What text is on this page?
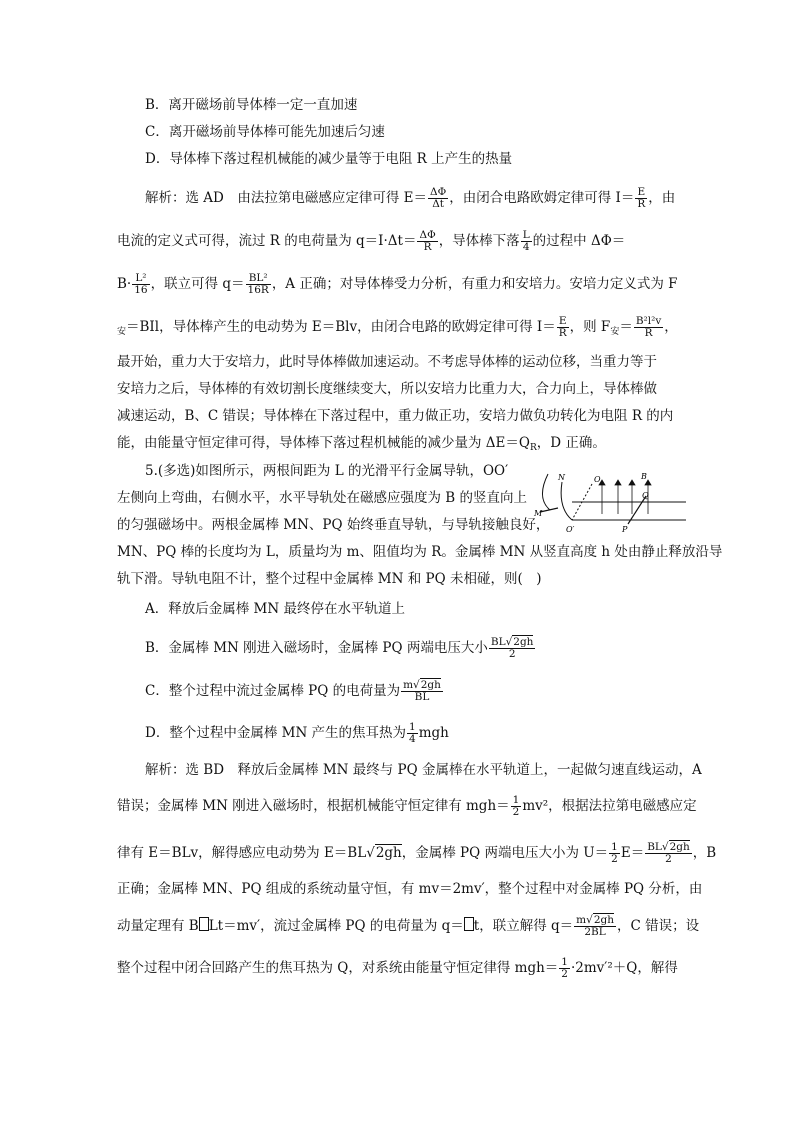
B．离开磁场前导体棒一定一直加速
C．离开磁场前导体棒可能先加速后匀速
D．导体棒下落过程机械能的减少量等于电阻 R 上产生的热量
解析：选 AD　由法拉第电磁感应定律可得 $E= \frac{\Delta\Phi}{\Delta t}$ ，由闭合电路欧姆定律可得 $I= \frac{E}{R}$ ，由
电流的定义式可得，流过 R 的电荷量为 $q=I\cdot\Delta t= \frac{\Delta\Phi}{R}$ ，导体棒下落 $\frac{L}{4}$ 的过程中 ΔΦ＝
$B\cdot \frac{\text{L²}}{16}$ ，联立可得 $q= \frac{\text{BL²}}{16R}$ ，A 正确；对导体棒受力分析，有重力和安培力。安培力定义式为 F
$_安$＝BIl，导体棒产生的电动势为 E＝Blv，由闭合电路的欧姆定律可得 $I= \frac{E}{R}$ ，则 $F_安= \frac{\text{B²l²v}}{R}$ ，
最开始，重力大于安培力，此时导体棒做加速运动。不考虑导体棒的运动位移，当重力等于
安培力之后，导体棒的有效切割长度继续变大，所以安培力比重力大，合力向上，导体棒做
减速运动，B、C 错误；导体棒在下落过程中，重力做正功，安培力做负功转化为电阻 R 的内
能，由能量守恒定律可得，导体棒下落过程机械能的减少量为 $\Delta E=Q_R$，D 正确。
5.(多选)如图所示，两根间距为 L 的光滑平行金属导轨，OO′
左侧向上弯曲，右侧水平，水平导轨处在磁感应强度为 B 的竖直向上
的匀强磁场中。两根金属棒 MN、PQ 始终垂直导轨，与导轨接触良好，
MN、PQ 棒的长度均为 L，质量均为 m、阻值均为 R。金属棒 MN 从竖直高度 h 处由静止释放沿导
轨下滑。导轨电阻不计，整个过程中金属棒 MN 和 PQ 未相碰，则(　)
N	O	B
Q
M
O′	P
A．释放后金属棒 MN 最终停在水平轨道上
B．金属棒 MN 刚进入磁场时，金属棒 PQ 两端电压大小 $\frac{BL√2gh}{2}$
C．整个过程中流过金属棒 PQ 的电荷量为 $\frac{m√2gh}{BL}$
D．整个过程中金属棒 MN 产生的焦耳热为 $\frac{1}{4}$ mgh
解析：选 BD　释放后金属棒 MN 最终与 PQ 金属棒在水平轨道上，一起做匀速直线运动，A
错误；金属棒 MN 刚进入磁场时，根据机械能守恒定律有 $mgh= \frac{1}{2} mv^2$，根据法拉第电磁感应定
律有 E＝BLv，解得感应电动势为 E＝BL√2gh，金属棒 PQ 两端电压大小为 $U= \frac{1}{2} E= \frac{BL√2gh}{2}$ ，B
正确；金属棒 MN、PQ 组成的系统动量守恒，有 mv＝2mv′，整个过程中对金属棒 PQ 分析，由
动量定理有 B Lt＝mv′，流过金属棒 PQ 的电荷量为 q＝ t，联立解得 $q= \frac{m√2gh}{2BL}$ ，C 错误；设
整个过程中闭合回路产生的焦耳热为 Q，对系统由能量守恒定律得 $mgh= \frac{1}{2} \cdot 2mv'^2+Q$，解得
